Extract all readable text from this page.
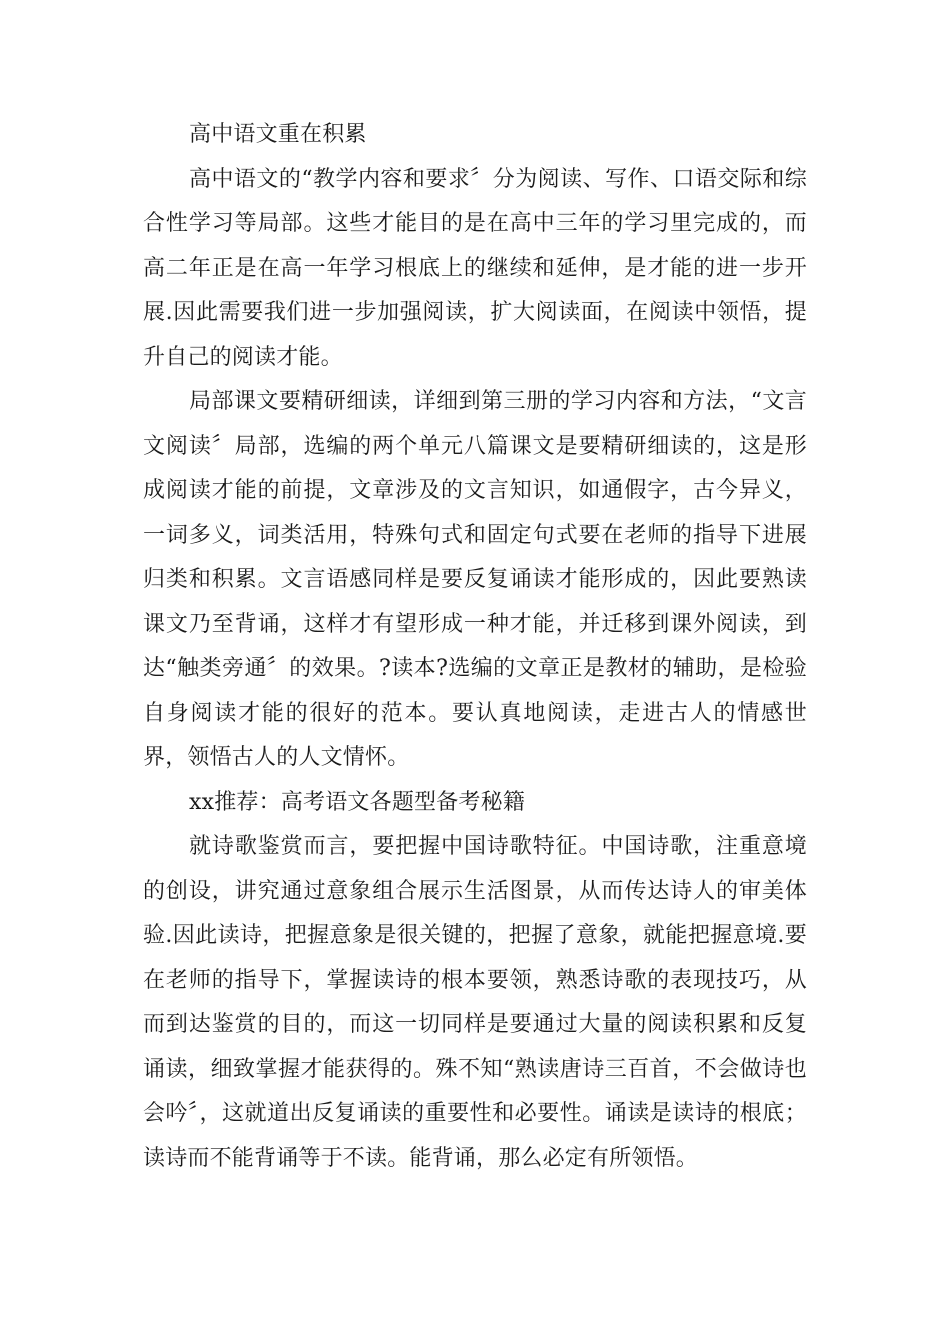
高中语文重在积累

高中语文的“教学内容和要求〞分为阅读、写作、口语交际和综合性学习等局部。这些才能目的是在高中三年的学习里完成的，而高二年正是在高一年学习根底上的继续和延伸，是才能的进一步开展.因此需要我们进一步加强阅读，扩大阅读面，在阅读中领悟，提升自己的阅读才能。

局部课文要精研细读，详细到第三册的学习内容和方法，“文言文阅读〞局部，选编的两个单元八篇课文是要精研细读的，这是形成阅读才能的前提，文章涉及的文言知识，如通假字，古今异义，一词多义，词类活用，特殊句式和固定句式要在老师的指导下进展归类和积累。文言语感同样是要反复诵读才能形成的，因此要熟读课文乃至背诵，这样才有望形成一种才能，并迁移到课外阅读，到达“触类旁通〞的效果。?读本?选编的文章正是教材的辅助，是检验自身阅读才能的很好的范本。要认真地阅读，走进古人的情感世界，领悟古人的人文情怀。

xx推荐：高考语文各题型备考秘籍

就诗歌鉴赏而言，要把握中国诗歌特征。中国诗歌，注重意境的创设，讲究通过意象组合展示生活图景，从而传达诗人的审美体验.因此读诗，把握意象是很关键的，把握了意象，就能把握意境.要在老师的指导下，掌握读诗的根本要领，熟悉诗歌的表现技巧，从而到达鉴赏的目的，而这一切同样是要通过大量的阅读积累和反复诵读，细致掌握才能获得的。殊不知“熟读唐诗三百首，不会做诗也会吟〞，这就道出反复诵读的重要性和必要性。诵读是读诗的根底；读诗而不能背诵等于不读。能背诵，那么必定有所领悟。
